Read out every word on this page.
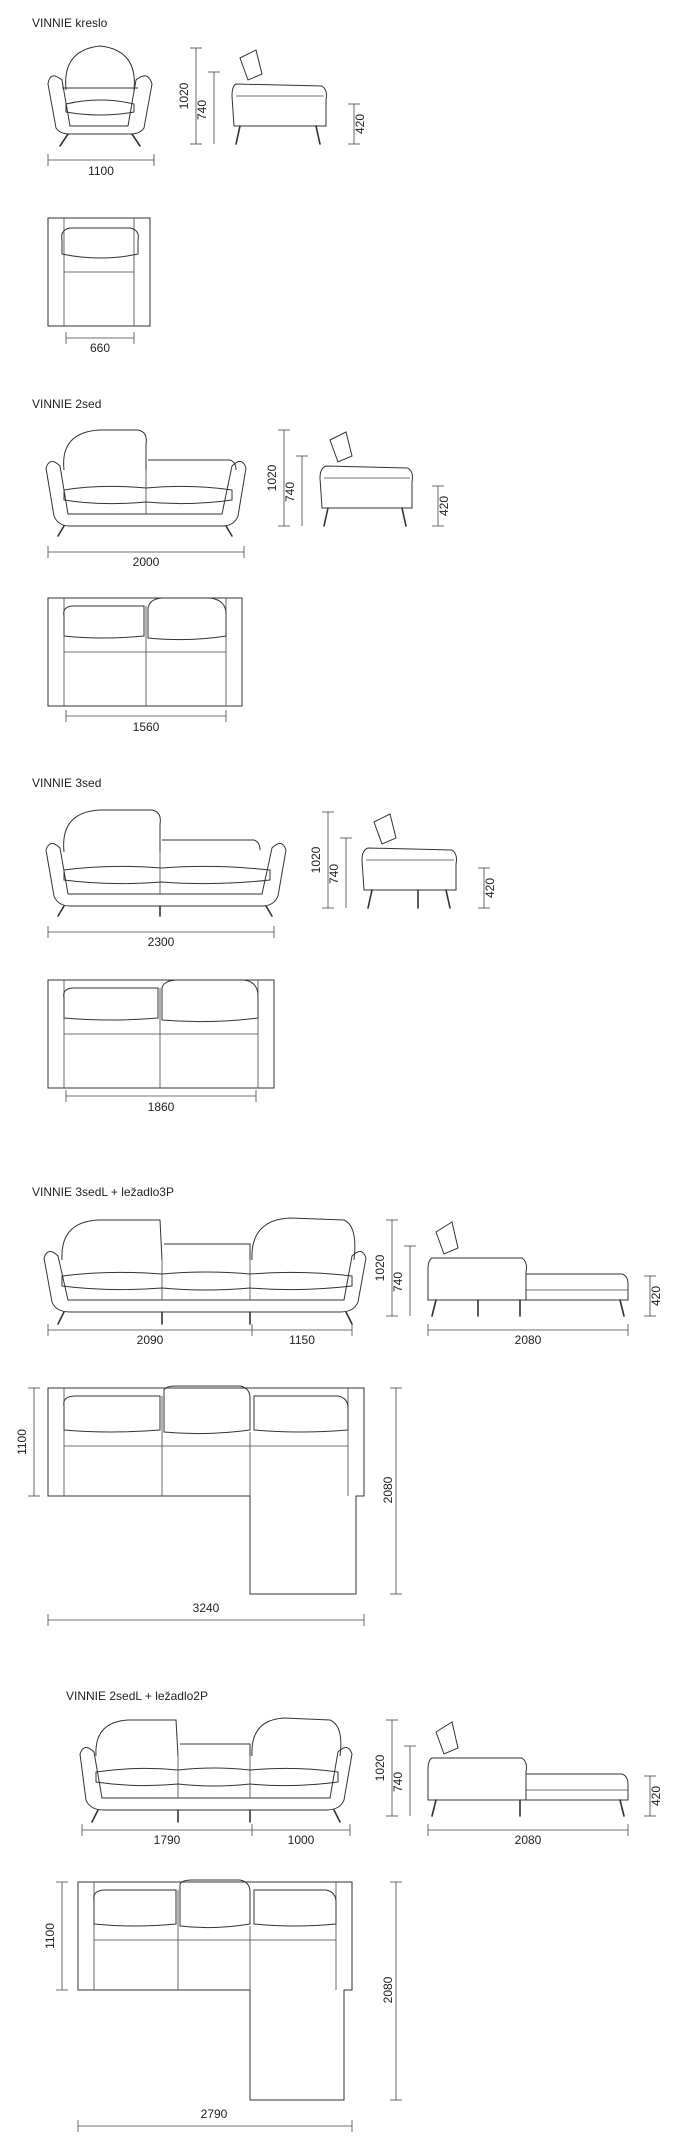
VINNIE kreslo
1100
1020
740
420
660
VINNIE 2sed
2000
1020
740
420
1560
VINNIE 3sed
2300
1020
740
420
1860
VINNIE 3sedL + ležadlo3P
2090	1150
1020
740
420
2080
1100
2080
3240
VINNIE 2sedL + ležadlo2P
1790	1000
1020
740
420
2080
1100
2080
2790
